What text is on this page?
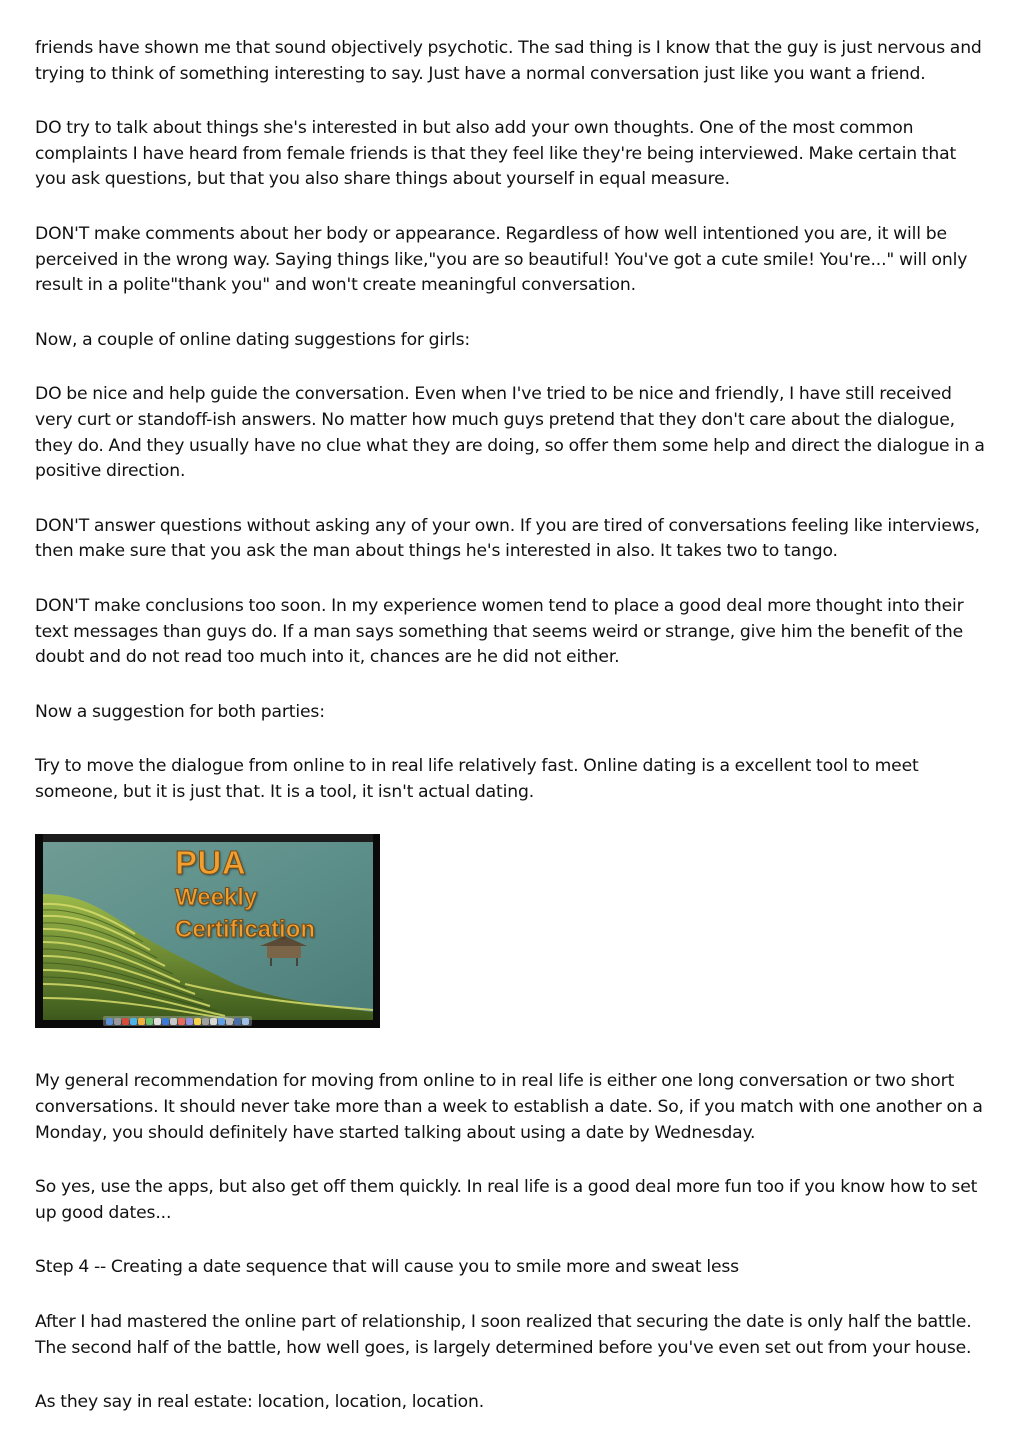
friends have shown me that sound objectively psychotic. The sad thing is I know that the guy is just nervous and trying to think of something interesting to say. Just have a normal conversation just like you want a friend.

DO try to talk about things she's interested in but also add your own thoughts. One of the most common complaints I have heard from female friends is that they feel like they're being interviewed. Make certain that you ask questions, but that you also share things about yourself in equal measure.

DON'T make comments about her body or appearance. Regardless of how well intentioned you are, it will be perceived in the wrong way. Saying things like,"you are so beautiful! You've got a cute smile! You're..." will only result in a polite"thank you" and won't create meaningful conversation.

Now, a couple of online dating suggestions for girls:

DO be nice and help guide the conversation. Even when I've tried to be nice and friendly, I have still received very curt or standoff-ish answers. No matter how much guys pretend that they don't care about the dialogue, they do. And they usually have no clue what they are doing, so offer them some help and direct the dialogue in a positive direction.

DON'T answer questions without asking any of your own. If you are tired of conversations feeling like interviews, then make sure that you ask the man about things he's interested in also. It takes two to tango.

DON'T make conclusions too soon. In my experience women tend to place a good deal more thought into their text messages than guys do. If a man says something that seems weird or strange, give him the benefit of the doubt and do not read too much into it, chances are he did not either.

Now a suggestion for both parties:

Try to move the dialogue from online to in real life relatively fast. Online dating is a excellent tool to meet someone, but it is just that. It is a tool, it isn't actual dating.

PUA
Weekly
Certification

My general recommendation for moving from online to in real life is either one long conversation or two short conversations. It should never take more than a week to establish a date. So, if you match with one another on a Monday, you should definitely have started talking about using a date by Wednesday.

So yes, use the apps, but also get off them quickly. In real life is a good deal more fun too if you know how to set up good dates...

Step 4 -- Creating a date sequence that will cause you to smile more and sweat less

After I had mastered the online part of relationship, I soon realized that securing the date is only half the battle. The second half of the battle, how well goes, is largely determined before you've even set out from your house.

As they say in real estate: location, location, location.
